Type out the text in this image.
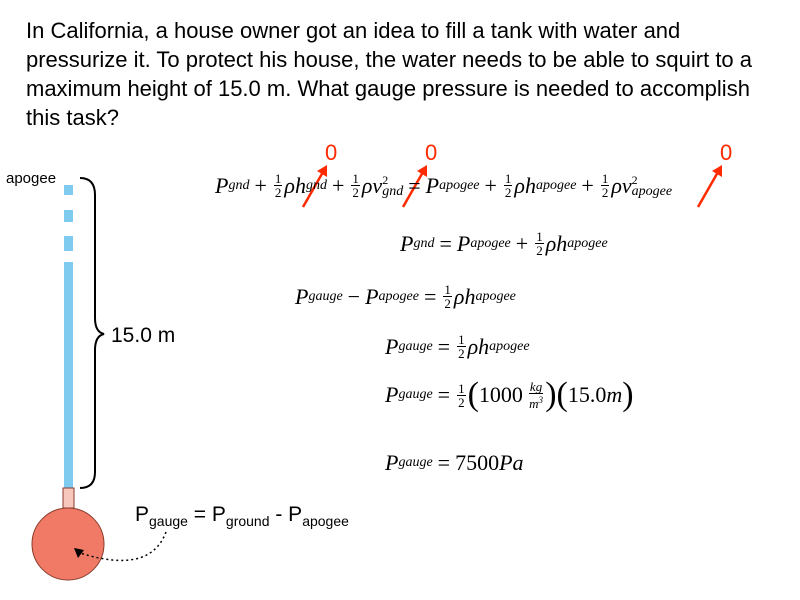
In California, a house owner got an idea to fill a tank with water and pressurize it. To protect his house, the water needs to be able to squirt to a maximum height of 15.0 m. What gauge pressure is needed to accomplish this task?

apogee
15.0 m
$P_{gauge} = P_{ground} - P_{apogee}$
0	0	0
P gnd + $\frac{1}{2}$ ρ h gnd + $\frac{1}{2}$ ρ v 2
gnd = P apogee + $\frac{1}{2}$ ρ h apogee + $\frac{1}{2}$ ρ v 2
apogee
P gnd = P apogee + $\frac{1}{2}$ ρ h apogee
P gauge − P apogee = $\frac{1}{2}$ ρ h apogee
P gauge = $\frac{1}{2}$ ρ h apogee
P gauge = $\frac{1}{2}$ ( $1000 \frac{kg}{m^3}$ ) ( 15.0 m )
P gauge = 7500 Pa
